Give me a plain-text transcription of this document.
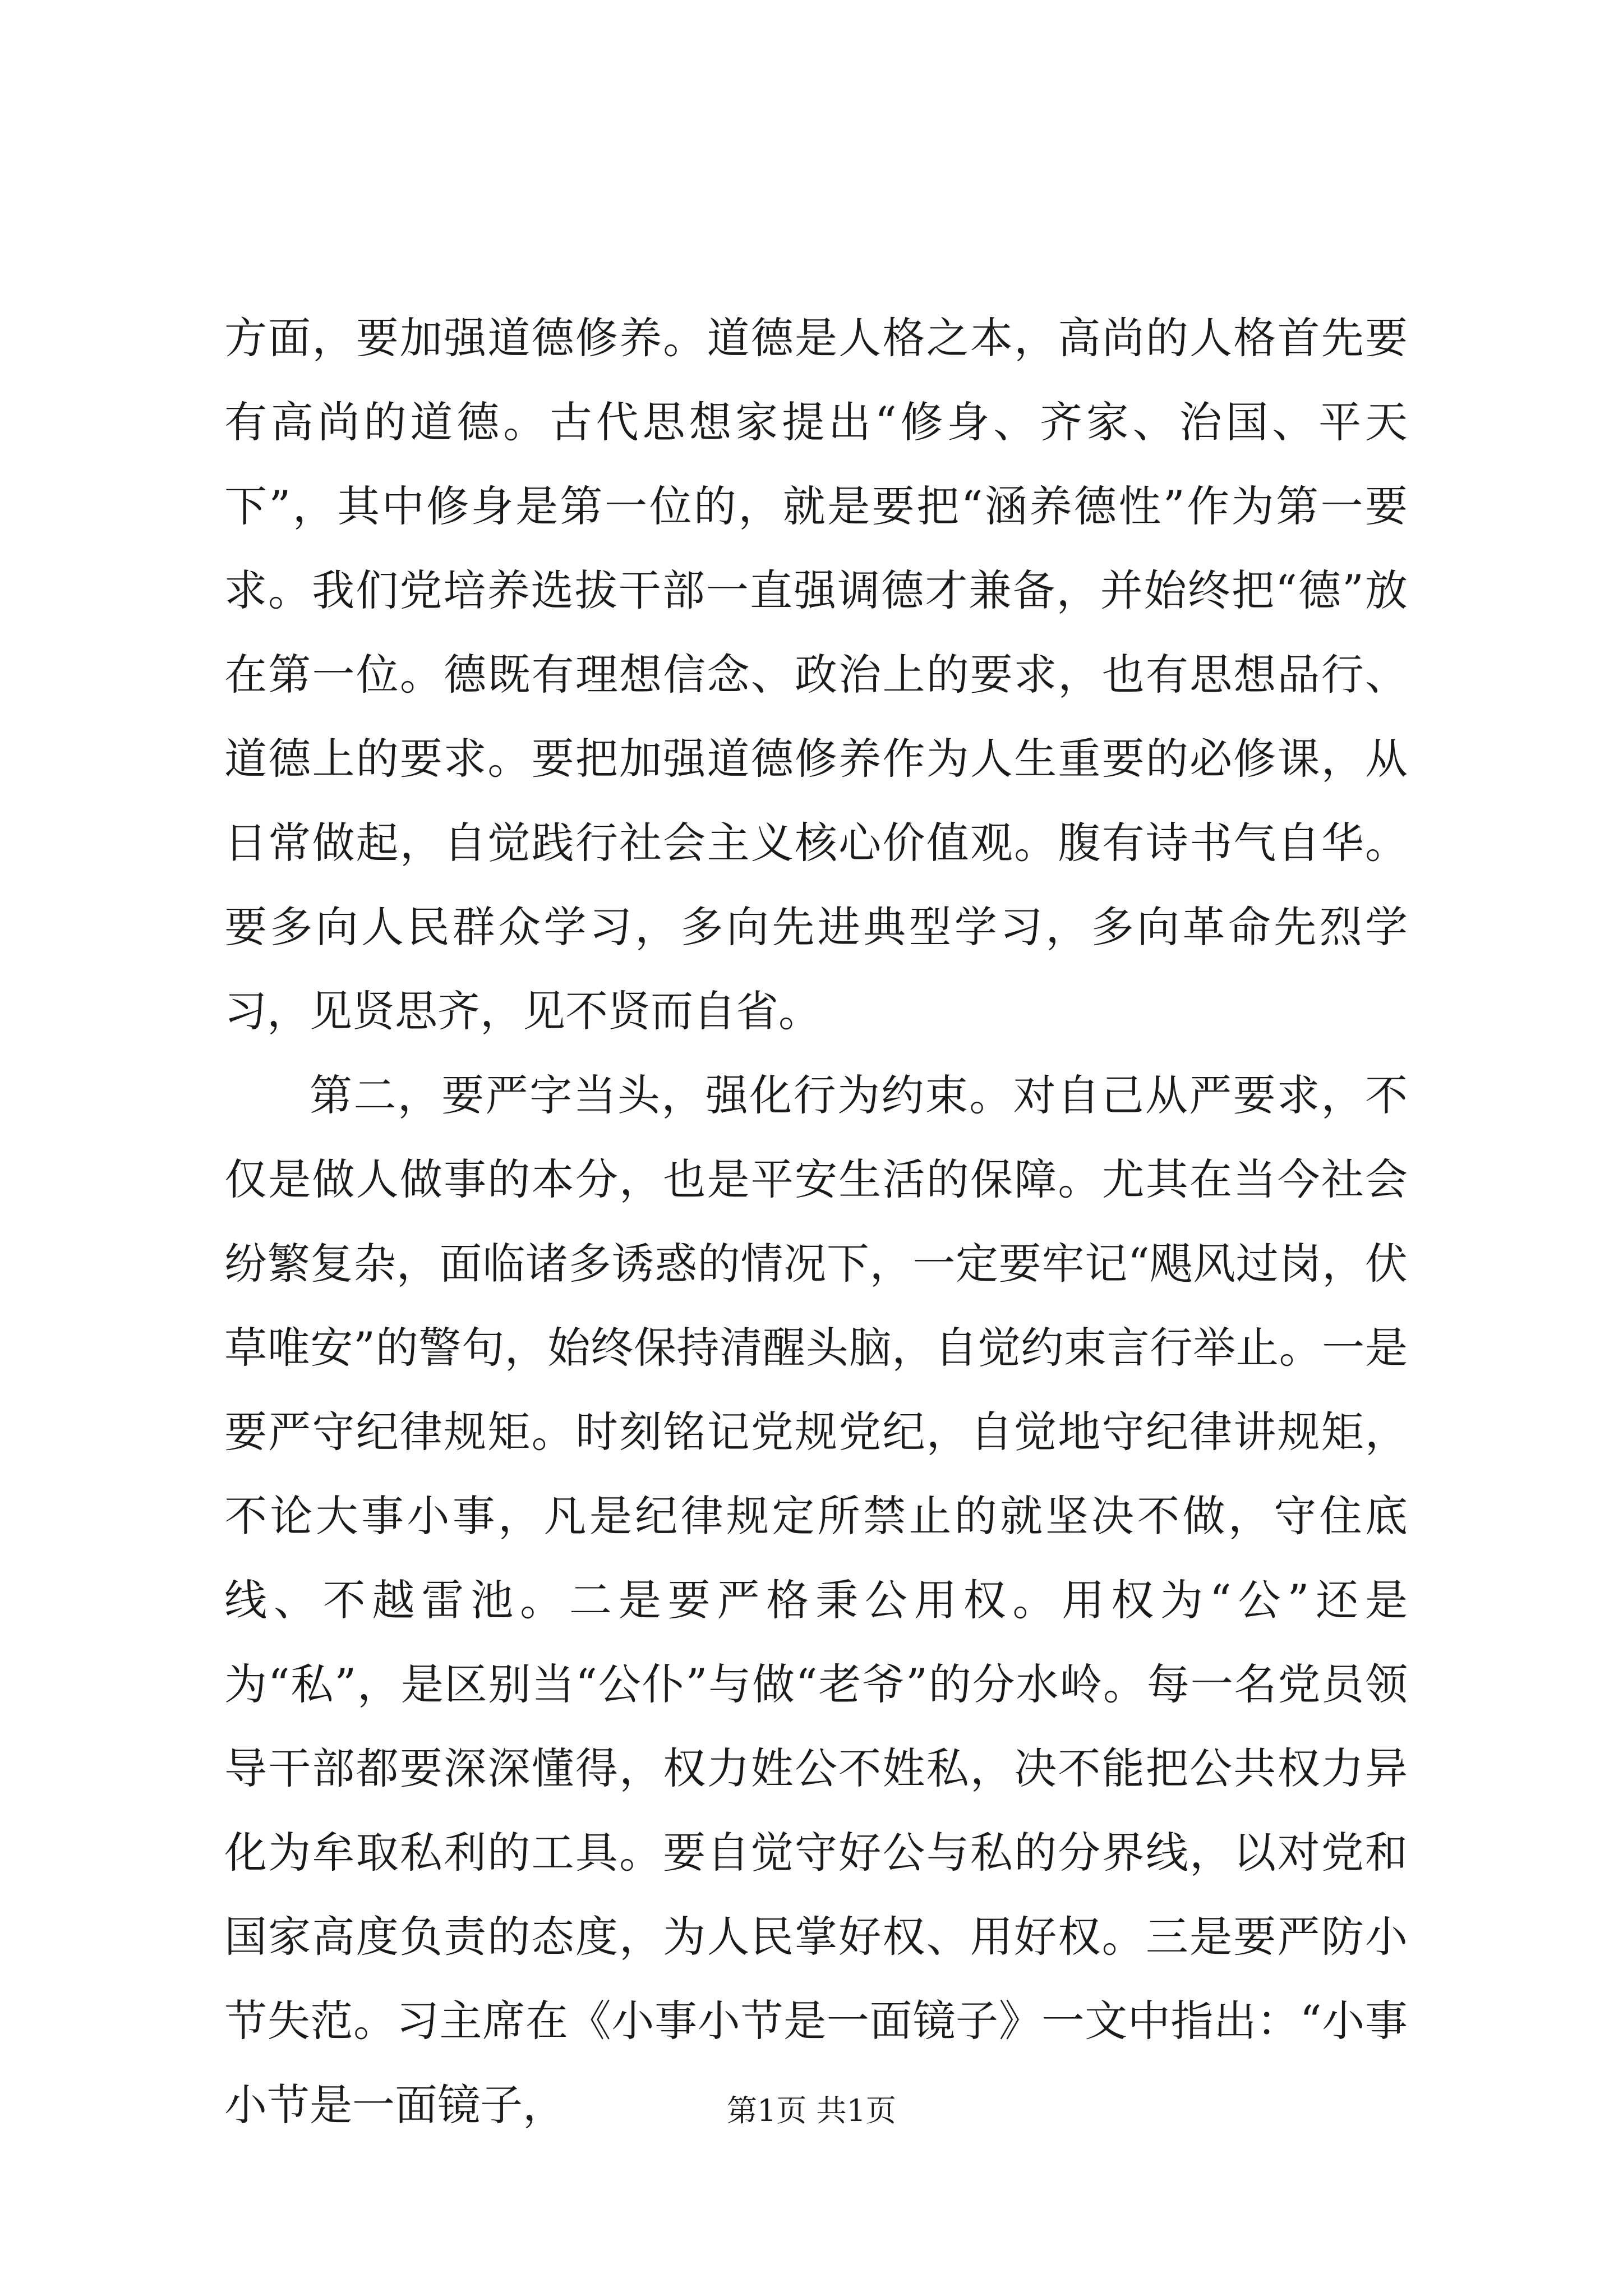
方面，要加强道德修养。道德是人格之本，高尚的人格首先要有高尚的道德。古代思想家提出“修身、齐家、治国、平天下”，其中修身是第一位的，就是要把“涵养德性”作为第一要求。我们党培养选拔干部一直强调德才兼备，并始终把“德”放在第一位。德既有理想信念、政治上的要求，也有思想品行、道德上的要求。要把加强道德修养作为人生重要的必修课，从日常做起，自觉践行社会主义核心价值观。腹有诗书气自华。要多向人民群众学习，多向先进典型学习，多向革命先烈学习，见贤思齐，见不贤而自省。

第二，要严字当头，强化行为约束。对自己从严要求，不仅是做人做事的本分，也是平安生活的保障。尤其在当今社会纷繁复杂，面临诸多诱惑的情况下，一定要牢记“飓风过岗，伏草唯安”的警句，始终保持清醒头脑，自觉约束言行举止。一是要严守纪律规矩。时刻铭记党规党纪，自觉地守纪律讲规矩，不论大事小事，凡是纪律规定所禁止的就坚决不做，守住底线、不越雷池。二是要严格秉公用权。用权为“公”还是为“私”，是区别当“公仆”与做“老爷”的分水岭。每一名党员领导干部都要深深懂得，权力姓公不姓私，决不能把公共权力异化为牟取私利的工具。要自觉守好公与私的分界线，以对党和国家高度负责的态度，为人民掌好权、用好权。三是要严防小节失范。习主席在《小事小节是一面镜子》一文中指出：“小事小节是一面镜子，	第1页 共1页
